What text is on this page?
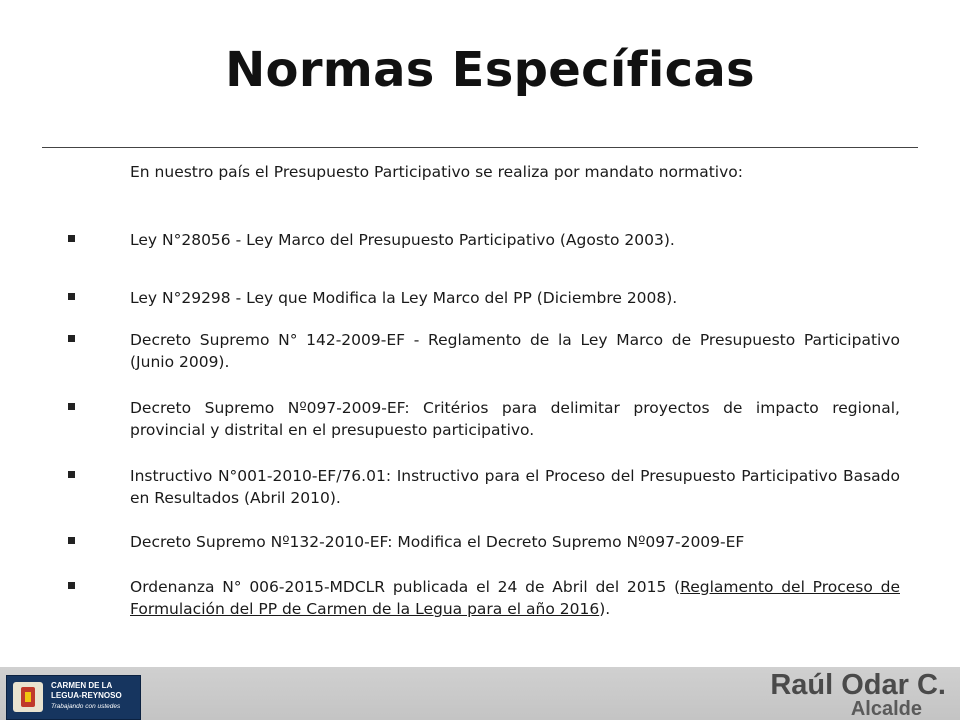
Normas Específicas
En nuestro país el Presupuesto Participativo se realiza por mandato normativo:
Ley N°28056 - Ley Marco del Presupuesto Participativo (Agosto 2003).
Ley N°29298 - Ley que Modifica la Ley Marco del PP (Diciembre 2008).
Decreto Supremo N° 142-2009-EF - Reglamento de la Ley Marco de Presupuesto Participativo (Junio 2009).
Decreto Supremo Nº097-2009-EF: Critérios para delimitar proyectos de impacto regional, provincial y distrital en el presupuesto participativo.
Instructivo N°001-2010-EF/76.01: Instructivo para el Proceso del Presupuesto Participativo Basado en Resultados (Abril 2010).
Decreto Supremo Nº132-2010-EF: Modifica el Decreto Supremo Nº097-2009-EF
Ordenanza N° 006-2015-MDCLR publicada el 24 de Abril del 2015 (Reglamento del Proceso de Formulación del PP de Carmen de la Legua para el año 2016).
CARMEN DE LA
LEGUA-REYNOSO
Trabajando con ustedes
Raúl Odar C.
Alcalde
